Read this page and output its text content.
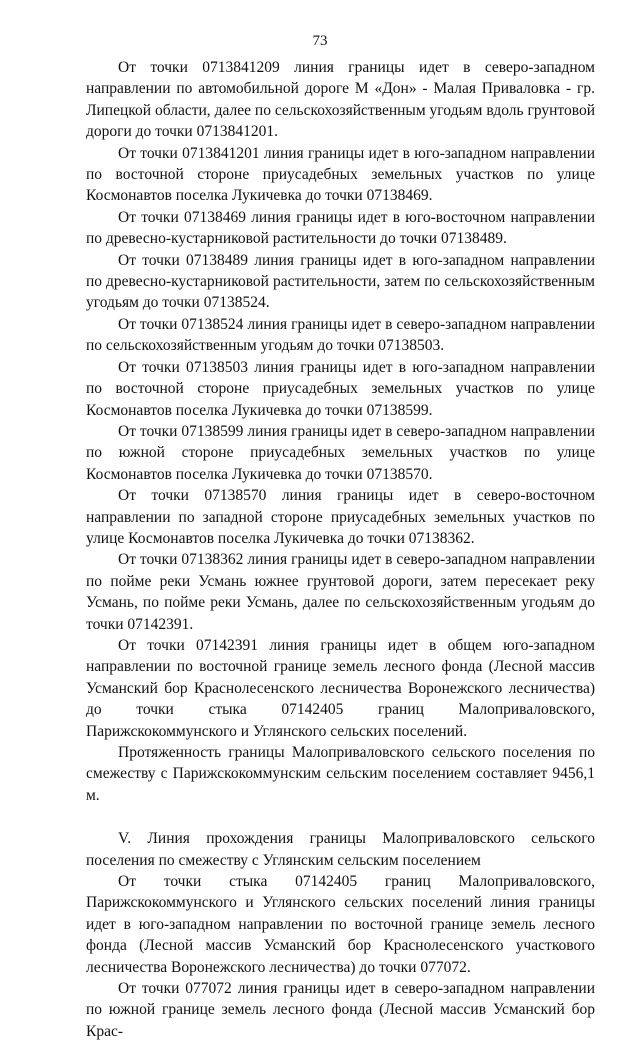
73

От точки 0713841209 линия границы идет в северо-западном направлении по автомобильной дороге М «Дон» - Малая Приваловка - гр. Липецкой области, далее по сельскохозяйственным угодьям вдоль грунтовой дороги до точки 0713841201.

От точки 0713841201 линия границы идет в юго-западном направлении по восточной стороне приусадебных земельных участков по улице Космонавтов поселка Лукичевка до точки 07138469.

От точки 07138469 линия границы идет в юго-восточном направлении по древесно-кустарниковой растительности до точки 07138489.

От точки 07138489 линия границы идет в юго-западном направлении по древесно-кустарниковой растительности, затем по сельскохозяйственным угодьям до точки 07138524.

От точки 07138524 линия границы идет в северо-западном направлении по сельскохозяйственным угодьям до точки 07138503.

От точки 07138503 линия границы идет в юго-западном направлении по восточной стороне приусадебных земельных участков по улице Космонавтов поселка Лукичевка до точки 07138599.

От точки 07138599 линия границы идет в северо-западном направлении по южной стороне приусадебных земельных участков по улице Космонавтов поселка Лукичевка до точки 07138570.

От точки 07138570 линия границы идет в северо-восточном направлении по западной стороне приусадебных земельных участков по улице Космонавтов поселка Лукичевка до точки 07138362.

От точки 07138362 линия границы идет в северо-западном направлении по пойме реки Усмань южнее грунтовой дороги, затем пересекает реку Усмань, по пойме реки Усмань, далее по сельскохозяйственным угодьям до точки 07142391.

От точки 07142391 линия границы идет в общем юго-западном направлении по восточной границе земель лесного фонда (Лесной массив Усманский бор Краснолесенского лесничества Воронежского лесничества) до точки стыка 07142405 границ Малоприваловского, Парижскокоммунского и Углянского сельских поселений.

Протяженность границы Малоприваловского сельского поселения по смежеству с Парижскокоммунским сельским поселением составляет 9456,1 м.

V. Линия прохождения границы Малоприваловского сельского поселения по смежеству с Углянским сельским поселением

От точки стыка 07142405 границ Малоприваловского, Парижскокоммунского и Углянского сельских поселений линия границы идет в юго-западном направлении по восточной границе земель лесного фонда (Лесной массив Усманский бор Краснолесенского участкового лесничества Воронежского лесничества) до точки 077072.

От точки 077072 линия границы идет в северо-западном направлении по южной границе земель лесного фонда (Лесной массив Усманский бор Крас-
